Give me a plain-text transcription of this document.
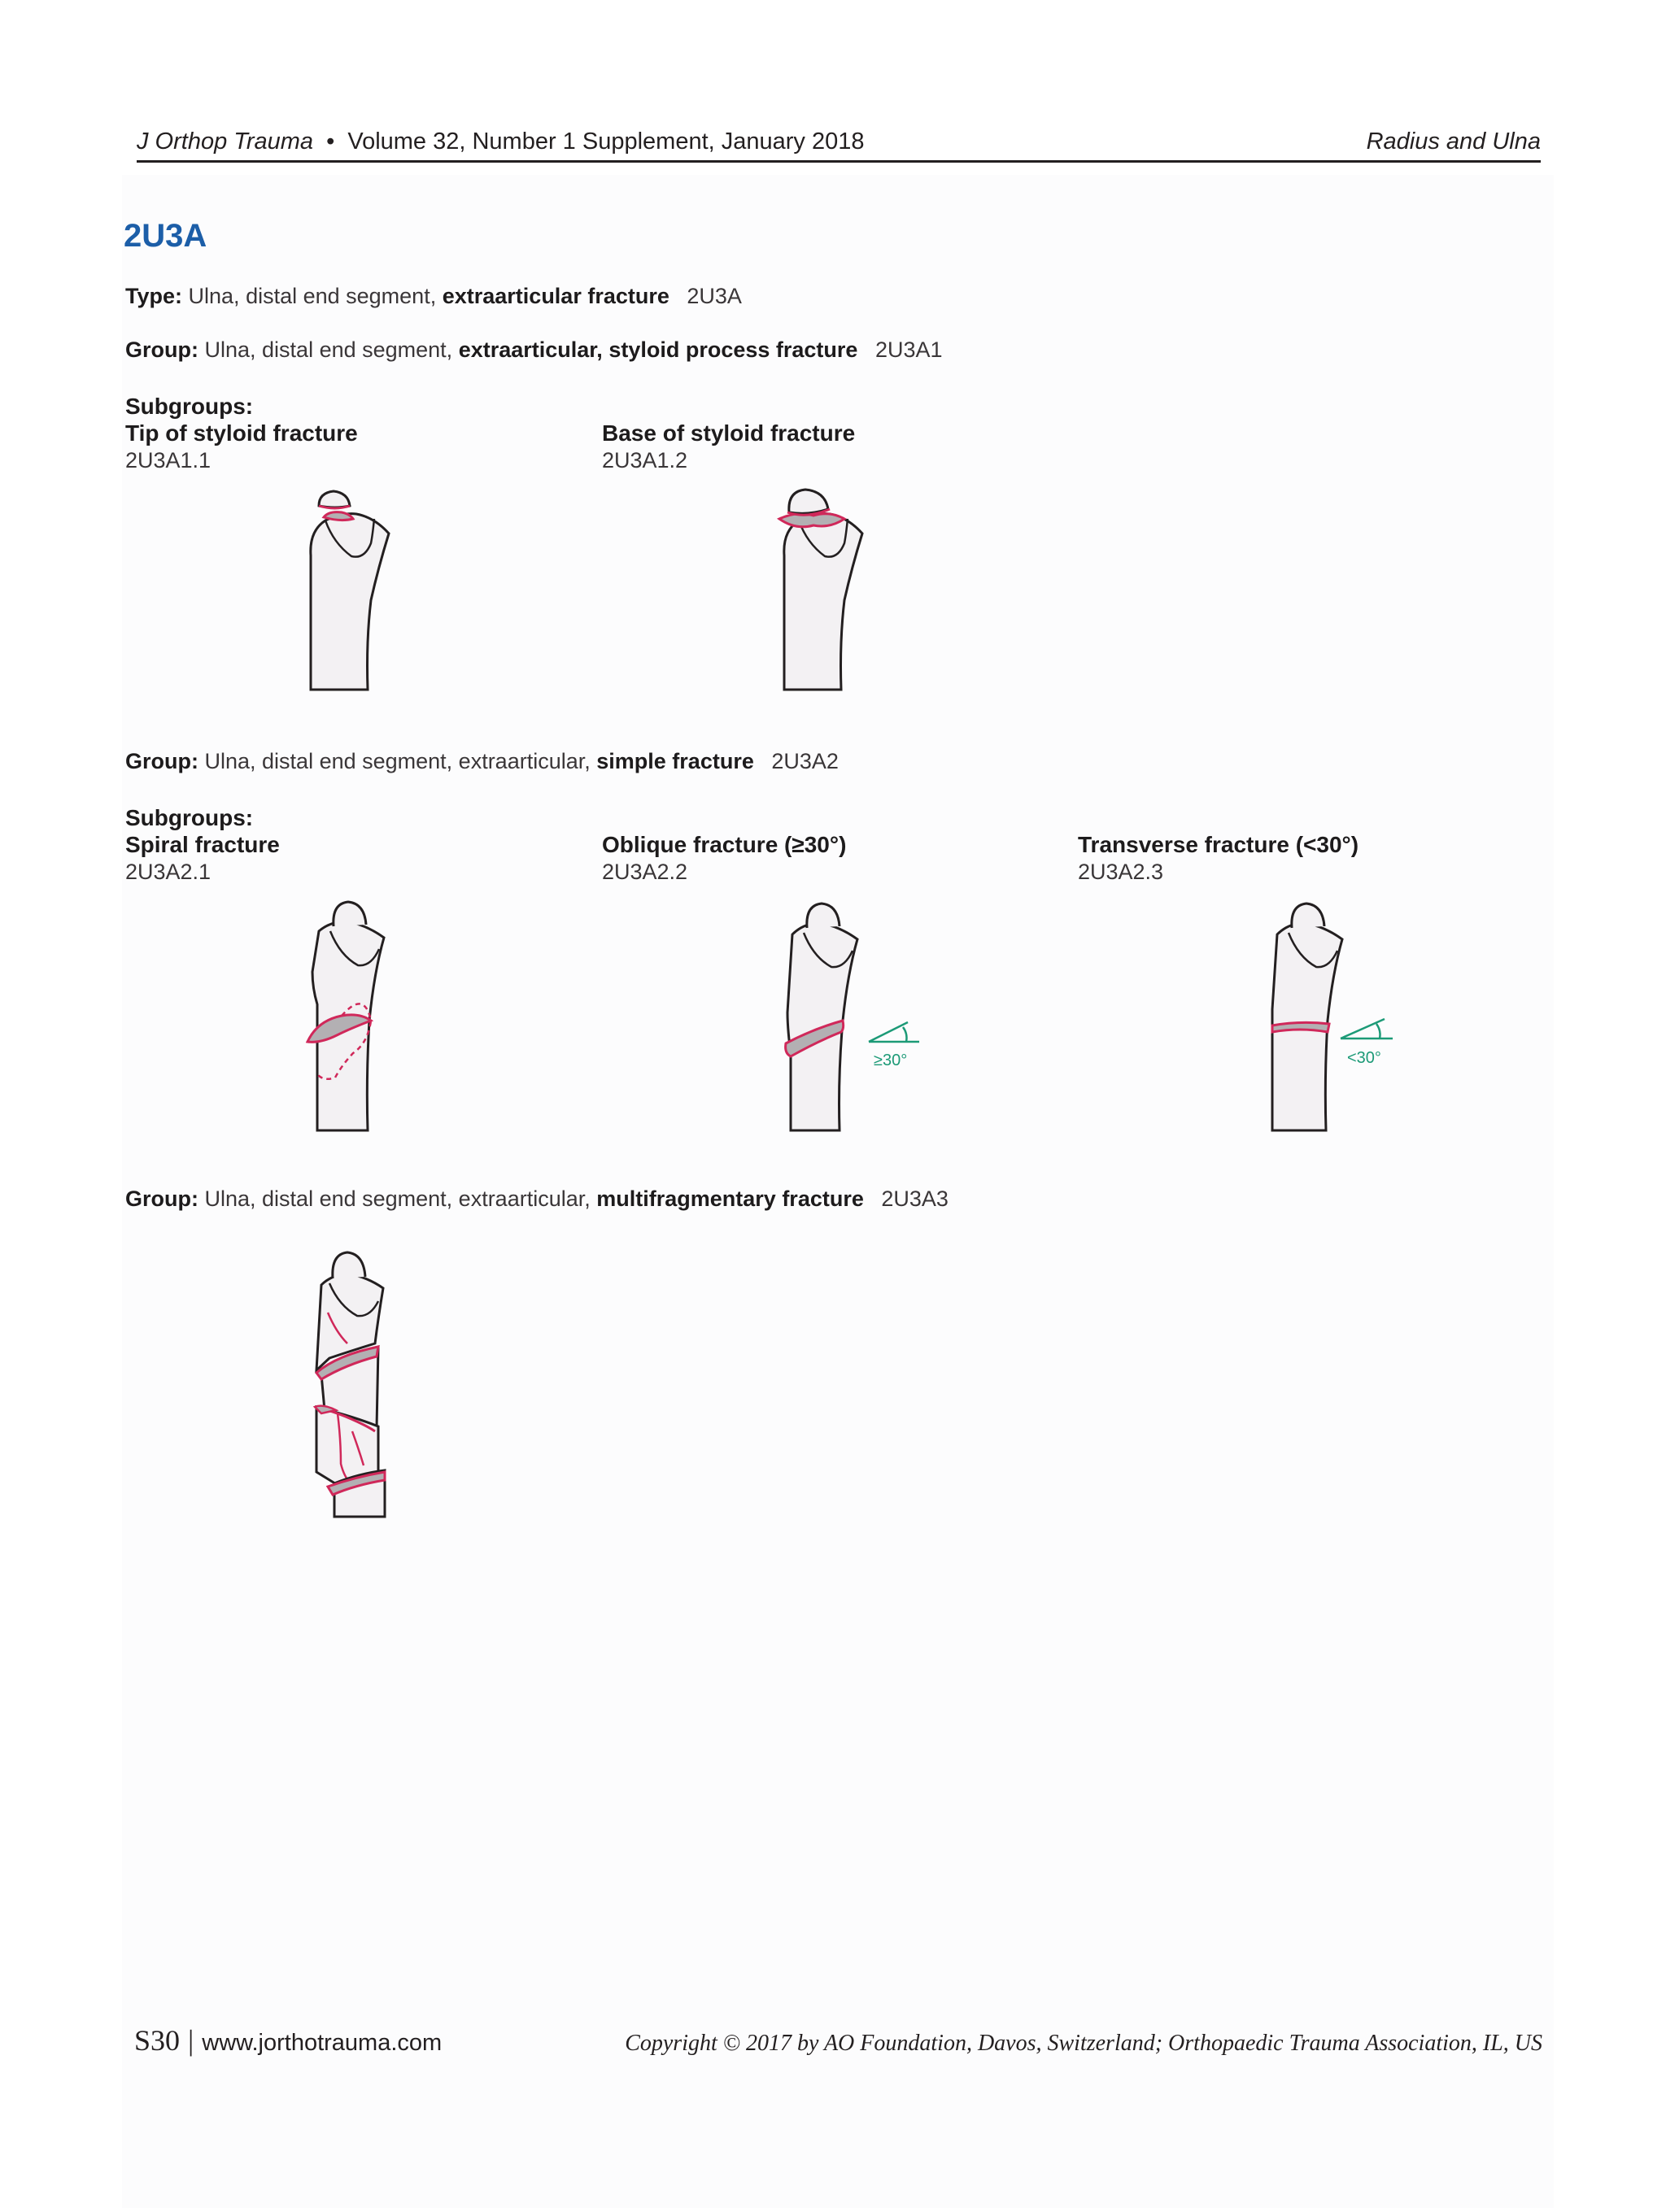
J Orthop Trauma • Volume 32, Number 1 Supplement, January 2018	Radius and Ulna
2U3A
Type: Ulna, distal end segment, extraarticular fracture 2U3A
Group: Ulna, distal end segment, extraarticular, styloid process fracture 2U3A1
Subgroups:
Tip of styloid fracture
2U3A1.1
Base of styloid fracture
2U3A1.2
Group: Ulna, distal end segment, extraarticular, simple fracture 2U3A2
Subgroups:
Spiral fracture
2U3A2.1
Oblique fracture (≥30°)
2U3A2.2
Transverse fracture (<30°)
2U3A2.3
≥30°	<30°
Group: Ulna, distal end segment, extraarticular, multifragmentary fracture 2U3A3
S30 | www.jorthotrauma.com	Copyright © 2017 by AO Foundation, Davos, Switzerland; Orthopaedic Trauma Association, IL, US
